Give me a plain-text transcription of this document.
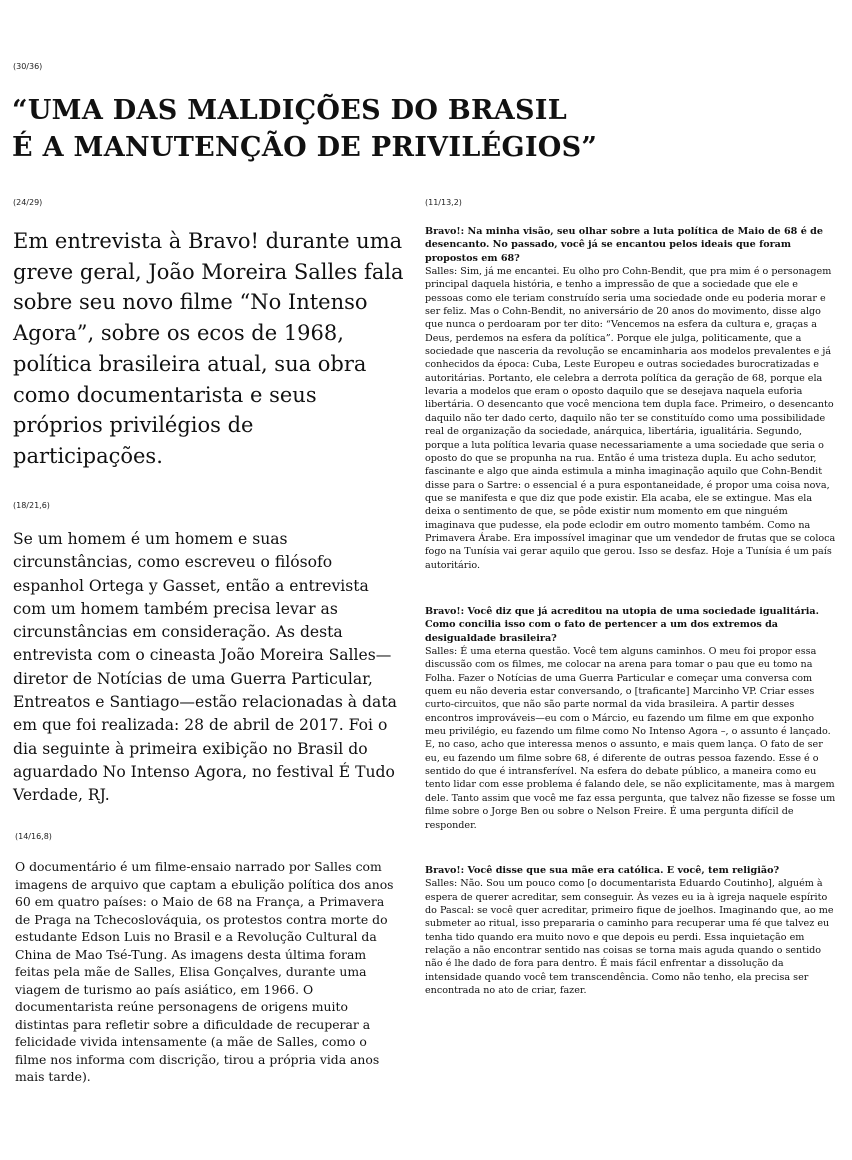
(30/36)

“UMA DAS MALDIÇÕES DO BRASIL
É A MANUTENÇÃO DE PRIVILÉGIOS”

(24/29)

Em entrevista à Bravo! durante uma greve geral, João Moreira Salles fala sobre seu novo filme “No Intenso Agora”, sobre os ecos de 1968, política brasileira atual, sua obra como documentarista e seus próprios privilégios de participações.

(18/21,6)

Se um homem é um homem e suas circunstâncias, como escreveu o filósofo espanhol Ortega y Gasset, então a entrevista com um homem também precisa levar as circunstâncias em consideração. As desta entrevista com o cineasta João Moreira Salles—diretor de Notícias de uma Guerra Particular, Entreatos e Santiago—estão relacionadas à data em que foi realizada: 28 de abril de 2017. Foi o dia seguinte à primeira exibição no Brasil do aguardado No Intenso Agora, no festival É Tudo Verdade, RJ.

(14/16,8)

O documentário é um filme-ensaio narrado por Salles com imagens de arquivo que captam a ebulição política dos anos 60 em quatro países: o Maio de 68 na França, a Primavera de Praga na Tchecoslováquia, os protestos contra morte do estudante Edson Luis no Brasil e a Revolução Cultural da China de Mao Tsé-Tung. As imagens desta última foram feitas pela mãe de Salles, Elisa Gonçalves, durante uma viagem de turismo ao país asiático, em 1966. O documentarista reúne personagens de origens muito distintas para refletir sobre a dificuldade de recuperar a felicidade vivida intensamente (a mãe de Salles, como o filme nos informa com discrição, tirou a própria vida anos mais tarde).

(11/13,2)

Bravo!: Na minha visão, seu olhar sobre a luta política de Maio de 68 é de desencanto. No passado, você já se encantou pelos ideais que foram propostos em 68?
Salles: Sim, já me encantei. Eu olho pro Cohn-Bendit, que pra mim é o personagem principal daquela história, e tenho a impressão de que a sociedade que ele e pessoas como ele teriam construído seria uma sociedade onde eu poderia morar e ser feliz. Mas o Cohn-Bendit, no aniversário de 20 anos do movimento, disse algo que nunca o perdoaram por ter dito: “Vencemos na esfera da cultura e, graças a Deus, perdemos na esfera da política”. Porque ele julga, politicamente, que a sociedade que nasceria da revolução se encaminharia aos modelos prevalentes e já conhecidos da época: Cuba, Leste Europeu e outras sociedades burocratizadas e autoritárias. Portanto, ele celebra a derrota política da geração de 68, porque ela levaria a modelos que eram o oposto daquilo que se desejava naquela euforia libertária. O desencanto que você menciona tem dupla face. Primeiro, o desencanto daquilo não ter dado certo, daquilo não ter se constituído como uma possibilidade real de organização da sociedade, anárquica, libertária, igualitária. Segundo, porque a luta política levaria quase necessariamente a uma sociedade que seria o oposto do que se propunha na rua. Então é uma tristeza dupla. Eu acho sedutor, fascinante e algo que ainda estimula a minha imaginação aquilo que Cohn-Bendit disse para o Sartre: o essencial é a pura espontaneidade, é propor uma coisa nova, que se manifesta e que diz que pode existir. Ela acaba, ele se extingue. Mas ela deixa o sentimento de que, se pôde existir num momento em que ninguém imaginava que pudesse, ela pode eclodir em outro momento também. Como na Primavera Árabe. Era impossível imaginar que um vendedor de frutas que se coloca fogo na Tunísia vai gerar aquilo que gerou. Isso se desfaz. Hoje a Tunísia é um país autoritário.
Bravo!: Você diz que já acreditou na utopia de uma sociedade igualitária. Como concilia isso com o fato de pertencer a um dos extremos da desigualdade brasileira?
Salles: É uma eterna questão. Você tem alguns caminhos. O meu foi propor essa discussão com os filmes, me colocar na arena para tomar o pau que eu tomo na Folha. Fazer o Notícias de uma Guerra Particular e começar uma conversa com quem eu não deveria estar conversando, o [traficante] Marcinho VP. Criar esses curto-circuitos, que não são parte normal da vida brasileira. A partir desses encontros improváveis—eu com o Márcio, eu fazendo um filme em que exponho meu privilégio, eu fazendo um filme como No Intenso Agora –, o assunto é lançado. E, no caso, acho que interessa menos o assunto, e mais quem lança. O fato de ser eu, eu fazendo um filme sobre 68, é diferente de outras pessoa fazendo. Esse é o sentido do que é intransferível. Na esfera do debate público, a maneira como eu tento lidar com esse problema é falando dele, se não explicitamente, mas à margem dele. Tanto assim que você me faz essa pergunta, que talvez não fizesse se fosse um filme sobre o Jorge Ben ou sobre o Nelson Freire. É uma pergunta difícil de responder.
Bravo!: Você disse que sua mãe era católica. E você, tem religião?
Salles: Não. Sou um pouco como [o documentarista Eduardo Coutinho], alguém à espera de querer acreditar, sem conseguir. Às vezes eu ia à igreja naquele espírito do Pascal: se você quer acreditar, primeiro fique de joelhos. Imaginando que, ao me submeter ao ritual, isso prepararia o caminho para recuperar uma fé que talvez eu tenha tido quando era muito novo e que depois eu perdi. Essa inquietação em relação a não encontrar sentido nas coisas se torna mais aguda quando o sentido não é lhe dado de fora para dentro. É mais fácil enfrentar a dissolução da intensidade quando você tem transcendência. Como não tenho, ela precisa ser encontrada no ato de criar, fazer.
